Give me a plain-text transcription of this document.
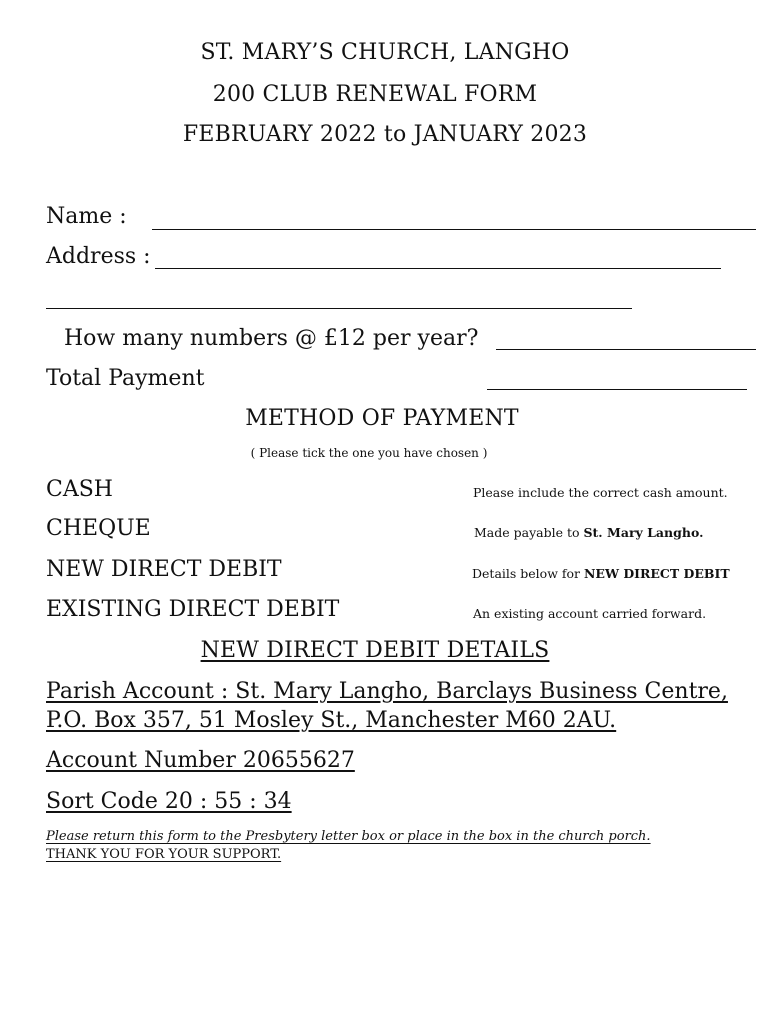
ST. MARY’S CHURCH, LANGHO
200 CLUB RENEWAL FORM
FEBRUARY 2022 to JANUARY 2023
Name :
Address :
How many numbers @ £12 per year?
Total Payment
METHOD OF PAYMENT
( Please tick the one you have chosen )
CASH	Please include the correct cash amount.
CHEQUE	Made payable to St. Mary Langho.
NEW DIRECT DEBIT	Details below for NEW DIRECT DEBIT
EXISTING DIRECT DEBIT	An existing account carried forward.
NEW DIRECT DEBIT DETAILS
Parish Account : St. Mary Langho, Barclays Business Centre,
P.O. Box 357, 51 Mosley St., Manchester M60 2AU.
Account Number 20655627
Sort Code 20 : 55 : 34
Please return this form to the Presbytery letter box or place in the box in the church porch.
THANK YOU FOR YOUR SUPPORT.
